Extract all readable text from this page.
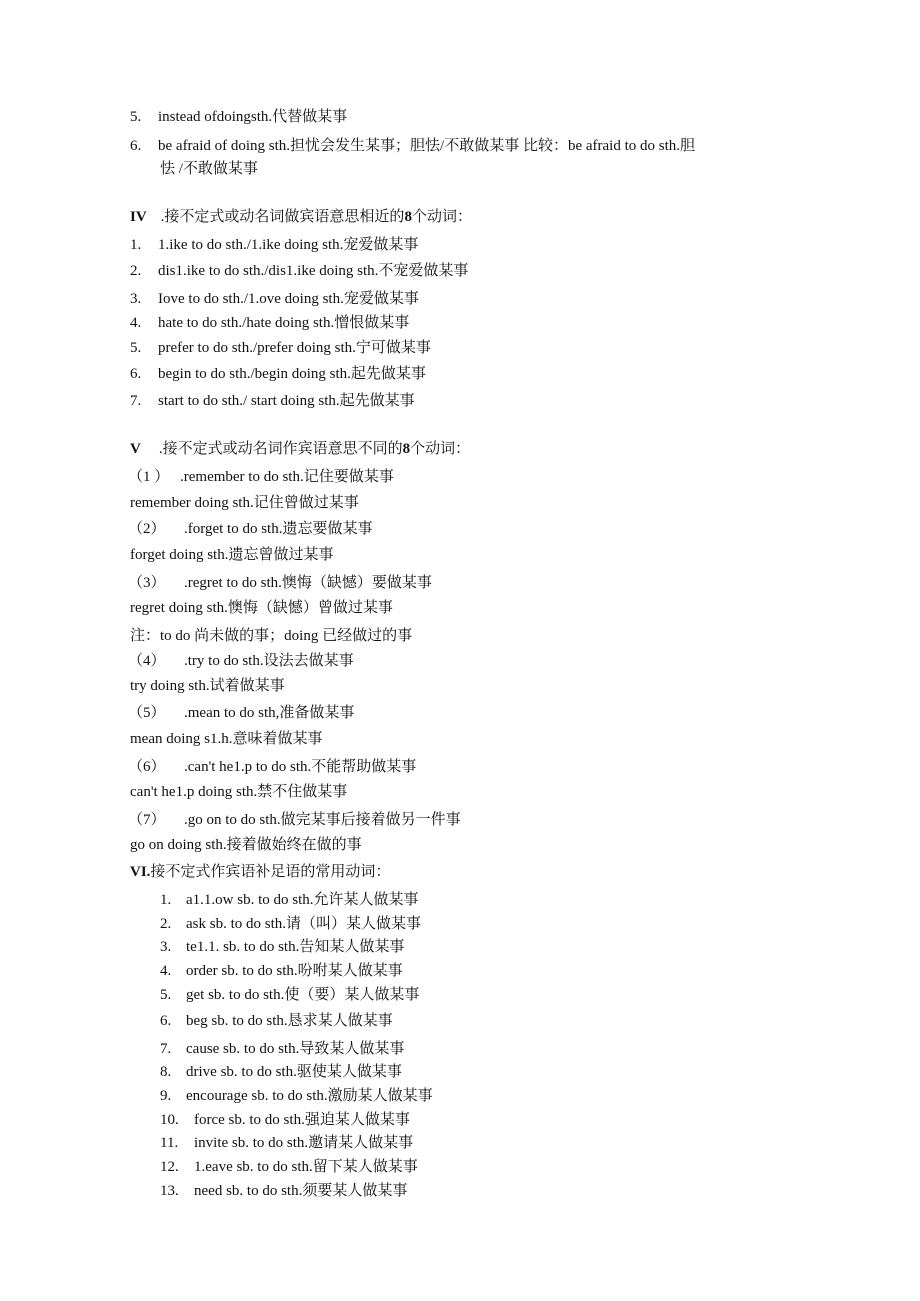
5.	instead ofdoingsth.代替做某事
6.	be afraid of doing sth.担忧会发生某事；胆怯/不敢做某事 比较：be afraid to do sth.胆
怯 /不敢做某事
IV .接不定式或动名词做宾语意思相近的8个动词：
1.	1.ike to do sth./1.ike doing sth.宠爱做某事
2.	dis1.ike to do sth./dis1.ike doing sth.不宠爱做某事
3.	Iove to do sth./1.ove doing sth.宠爱做某事
4.	hate to do sth./hate doing sth.憎恨做某事
5.	prefer to do sth./prefer doing sth.宁可做某事
6.	begin to do sth./begin doing sth.起先做某事
7.	start to do sth./ start doing sth.起先做某事
V .接不定式或动名词作宾语意思不同的8个动词：
（1 ） .remember to do sth.记住要做某事
remember doing sth.记住曾做过某事
（2）	.forget to do sth.遗忘要做某事
forget doing sth.遗忘曾做过某事
（3）	.regret to do sth.懊悔（缺憾）要做某事
regret doing sth.懊悔（缺憾）曾做过某事
注：to do 尚未做的事；doing 已经做过的事
（4）	.try to do sth.设法去做某事
try doing sth.试着做某事
（5）	.mean to do sth,准备做某事
mean doing s1.h.意味着做某事
（6）	.can't he1.p to do sth.不能帮助做某事
can't he1.p doing sth.禁不住做某事
（7）	.go on to do sth.做完某事后接着做另一件事
go on doing sth.接着做始终在做的事
VI.接不定式作宾语补足语的常用动词：
1. a1.1.ow sb. to do sth.允许某人做某事
2. ask sb. to do sth.请（叫）某人做某事
3. te1.1. sb. to do sth.告知某人做某事
4. order sb. to do sth.吩咐某人做某事
5. get sb. to do sth.使（要）某人做某事
6. beg sb. to do sth.恳求某人做某事
7. cause sb. to do sth.导致某人做某事
8. drive sb. to do sth.驱使某人做某事
9. encourage sb. to do sth.激励某人做某事
10.	force sb. to do sth.强迫某人做某事
11.	invite sb. to do sth.邀请某人做某事
12.	1.eave sb. to do sth.留下某人做某事
13.	need sb. to do sth.须要某人做某事
